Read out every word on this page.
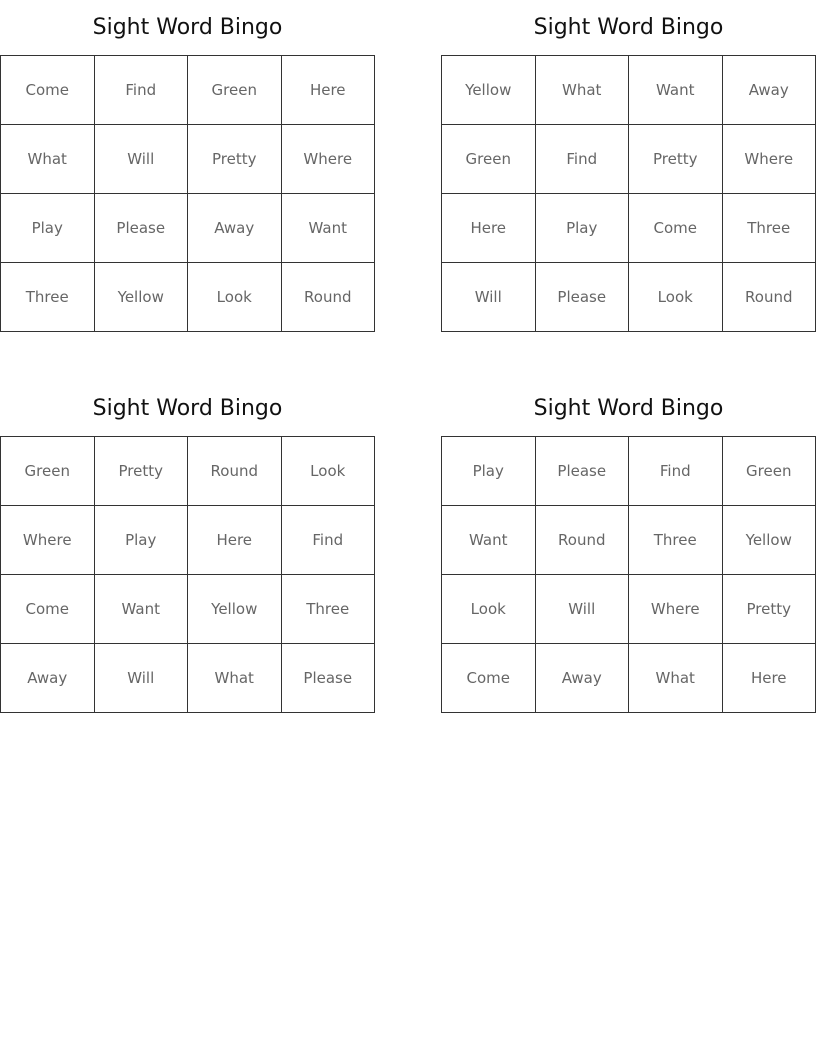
Sight Word Bingo
Come	Find	Green	Here
What	Will	Pretty	Where
Play	Please	Away	Want
Three	Yellow	Look	Round
Sight Word Bingo
Yellow	What	Want	Away
Green	Find	Pretty	Where
Here	Play	Come	Three
Will	Please	Look	Round
Sight Word Bingo
Green	Pretty	Round	Look
Where	Play	Here	Find
Come	Want	Yellow	Three
Away	Will	What	Please
Sight Word Bingo
Play	Please	Find	Green
Want	Round	Three	Yellow
Look	Will	Where	Pretty
Come	Away	What	Here
